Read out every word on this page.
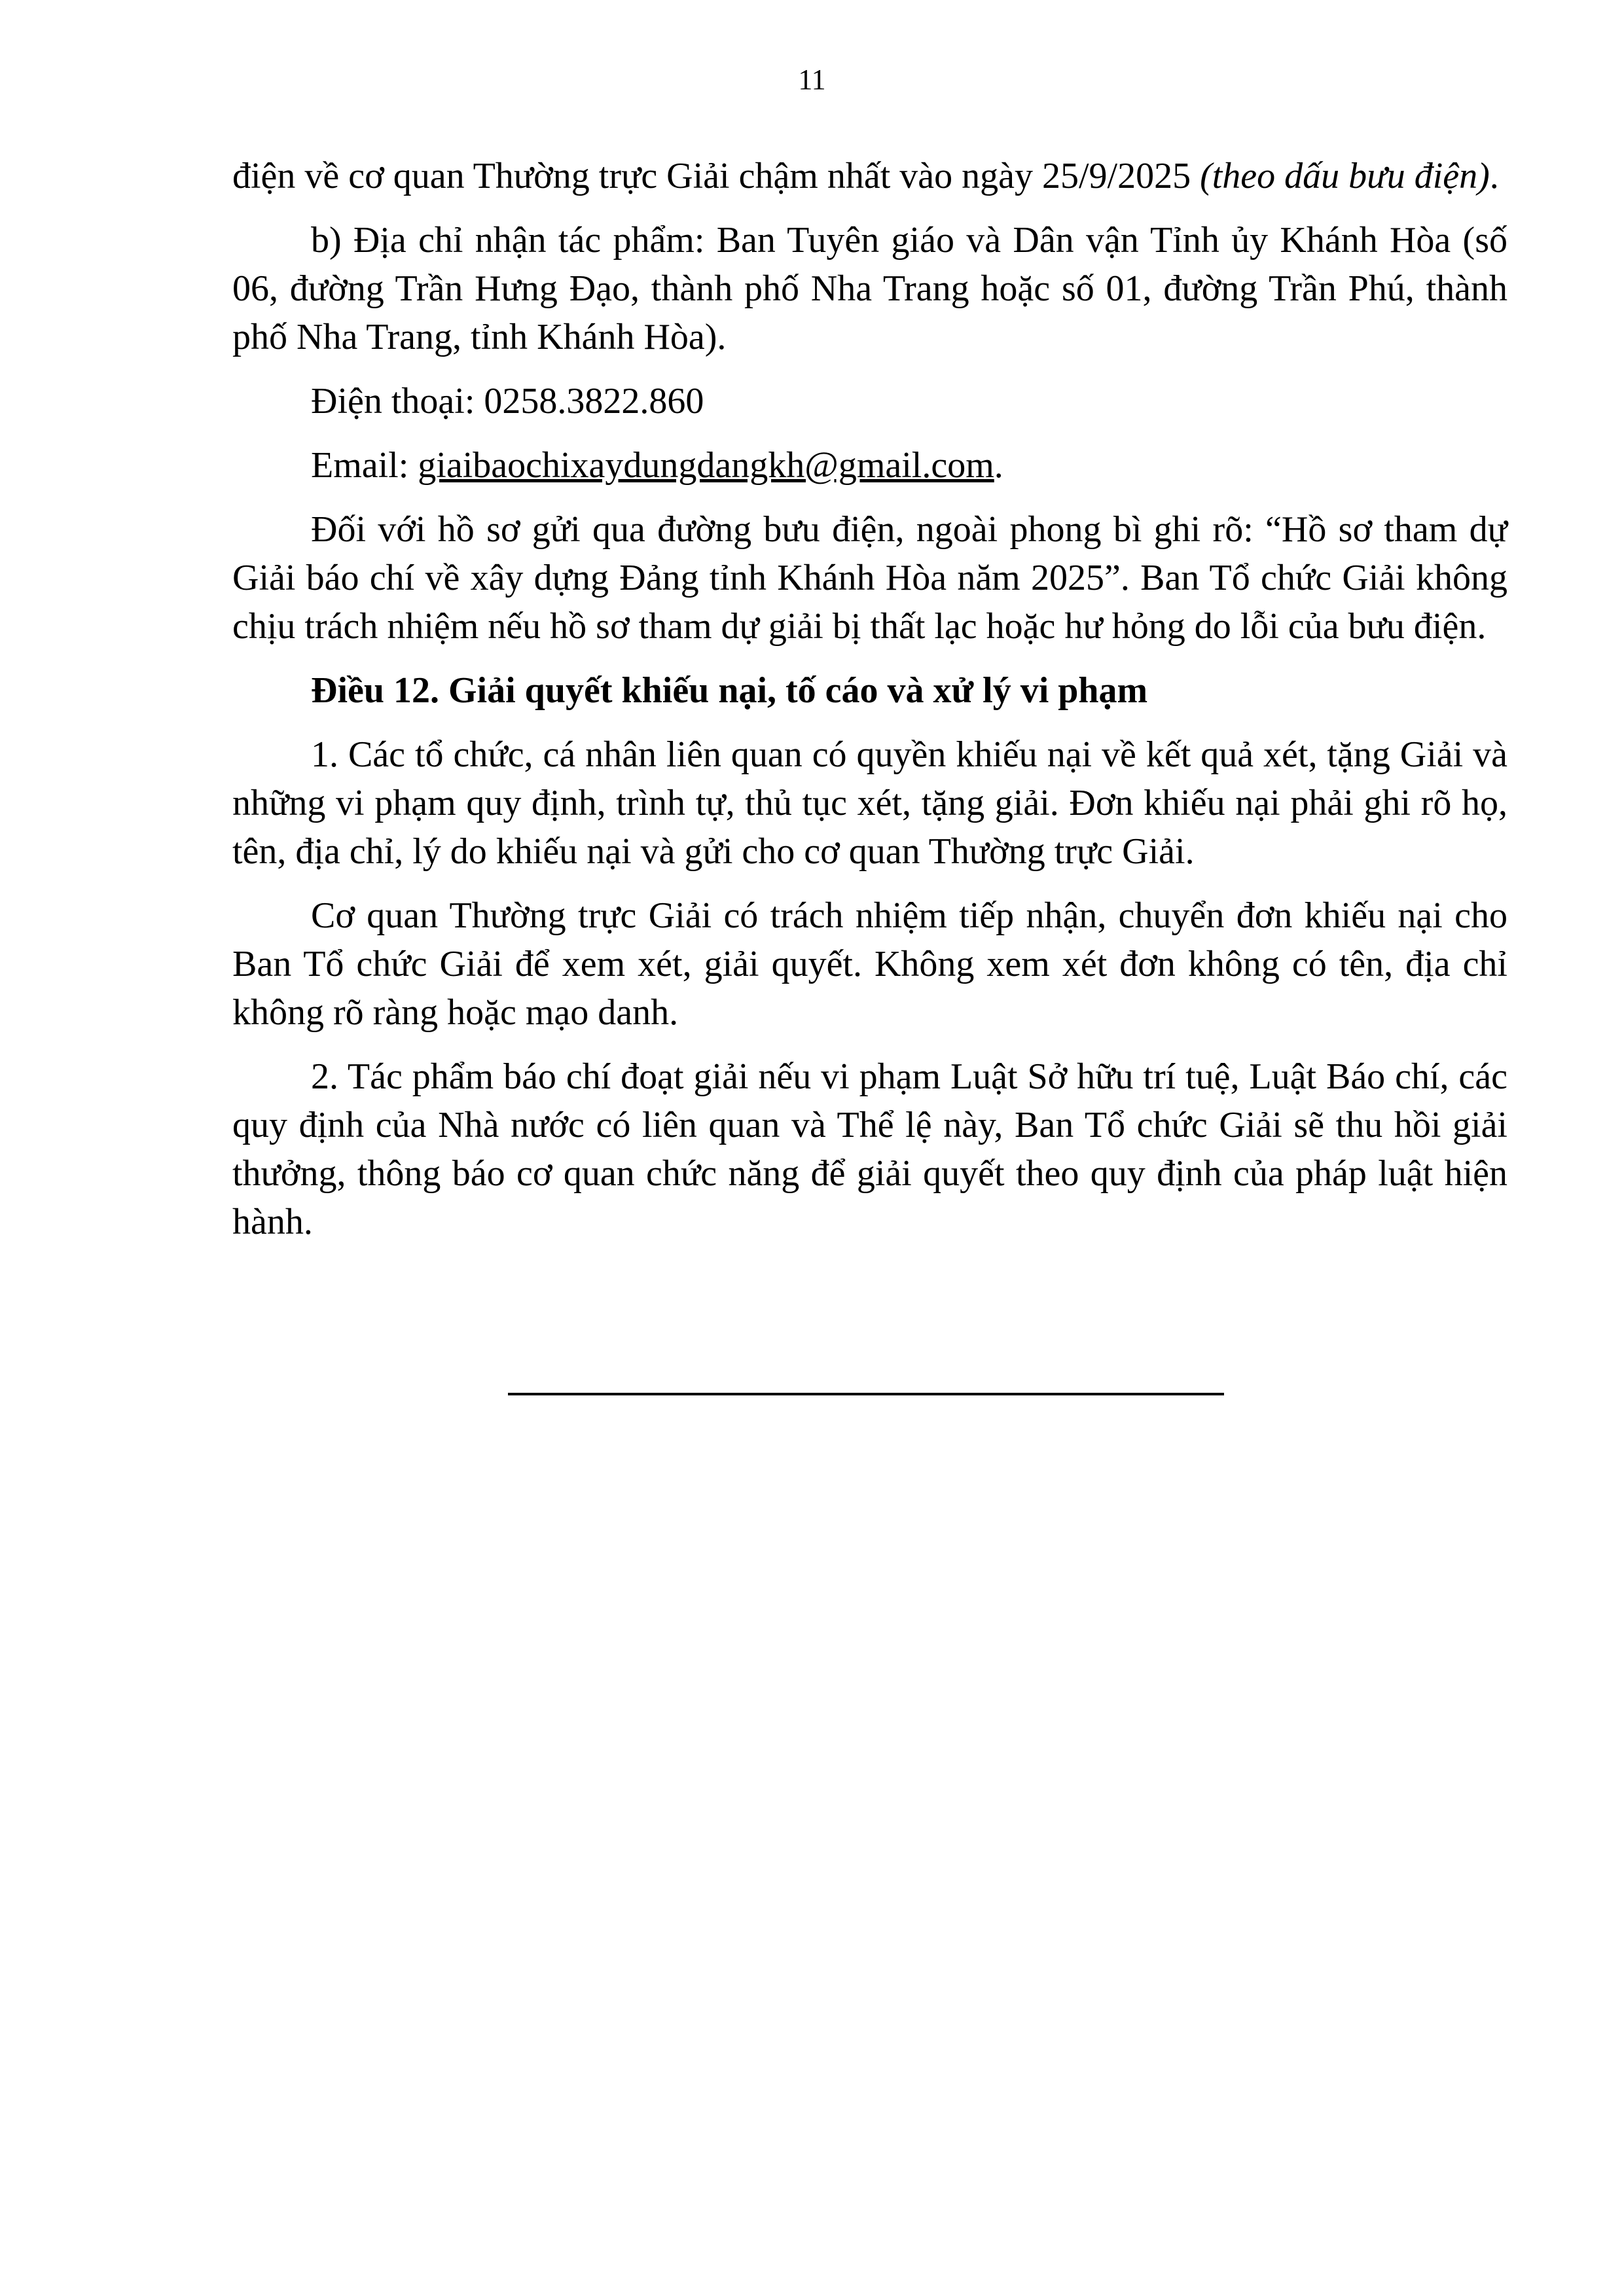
11

điện về cơ quan Thường trực Giải chậm nhất vào ngày 25/9/2025 (theo dấu bưu điện).

b) Địa chỉ nhận tác phẩm: Ban Tuyên giáo và Dân vận Tỉnh ủy Khánh Hòa (số 06, đường Trần Hưng Đạo, thành phố Nha Trang hoặc số 01, đường Trần Phú, thành phố Nha Trang, tỉnh Khánh Hòa).

Điện thoại: 0258.3822.860

Email: giaibaochixaydungdangkh@gmail.com.

Đối với hồ sơ gửi qua đường bưu điện, ngoài phong bì ghi rõ: “Hồ sơ tham dự Giải báo chí về xây dựng Đảng tỉnh Khánh Hòa năm 2025”. Ban Tổ chức Giải không chịu trách nhiệm nếu hồ sơ tham dự giải bị thất lạc hoặc hư hỏng do lỗi của bưu điện.

Điều 12. Giải quyết khiếu nại, tố cáo và xử lý vi phạm

1. Các tổ chức, cá nhân liên quan có quyền khiếu nại về kết quả xét, tặng Giải và những vi phạm quy định, trình tự, thủ tục xét, tặng giải. Đơn khiếu nại phải ghi rõ họ, tên, địa chỉ, lý do khiếu nại và gửi cho cơ quan Thường trực Giải.

Cơ quan Thường trực Giải có trách nhiệm tiếp nhận, chuyển đơn khiếu nại cho Ban Tổ chức Giải để xem xét, giải quyết. Không xem xét đơn không có tên, địa chỉ không rõ ràng hoặc mạo danh.

2. Tác phẩm báo chí đoạt giải nếu vi phạm Luật Sở hữu trí tuệ, Luật Báo chí, các quy định của Nhà nước có liên quan và Thể lệ này, Ban Tổ chức Giải sẽ thu hồi giải thưởng, thông báo cơ quan chức năng để giải quyết theo quy định của pháp luật hiện hành.
